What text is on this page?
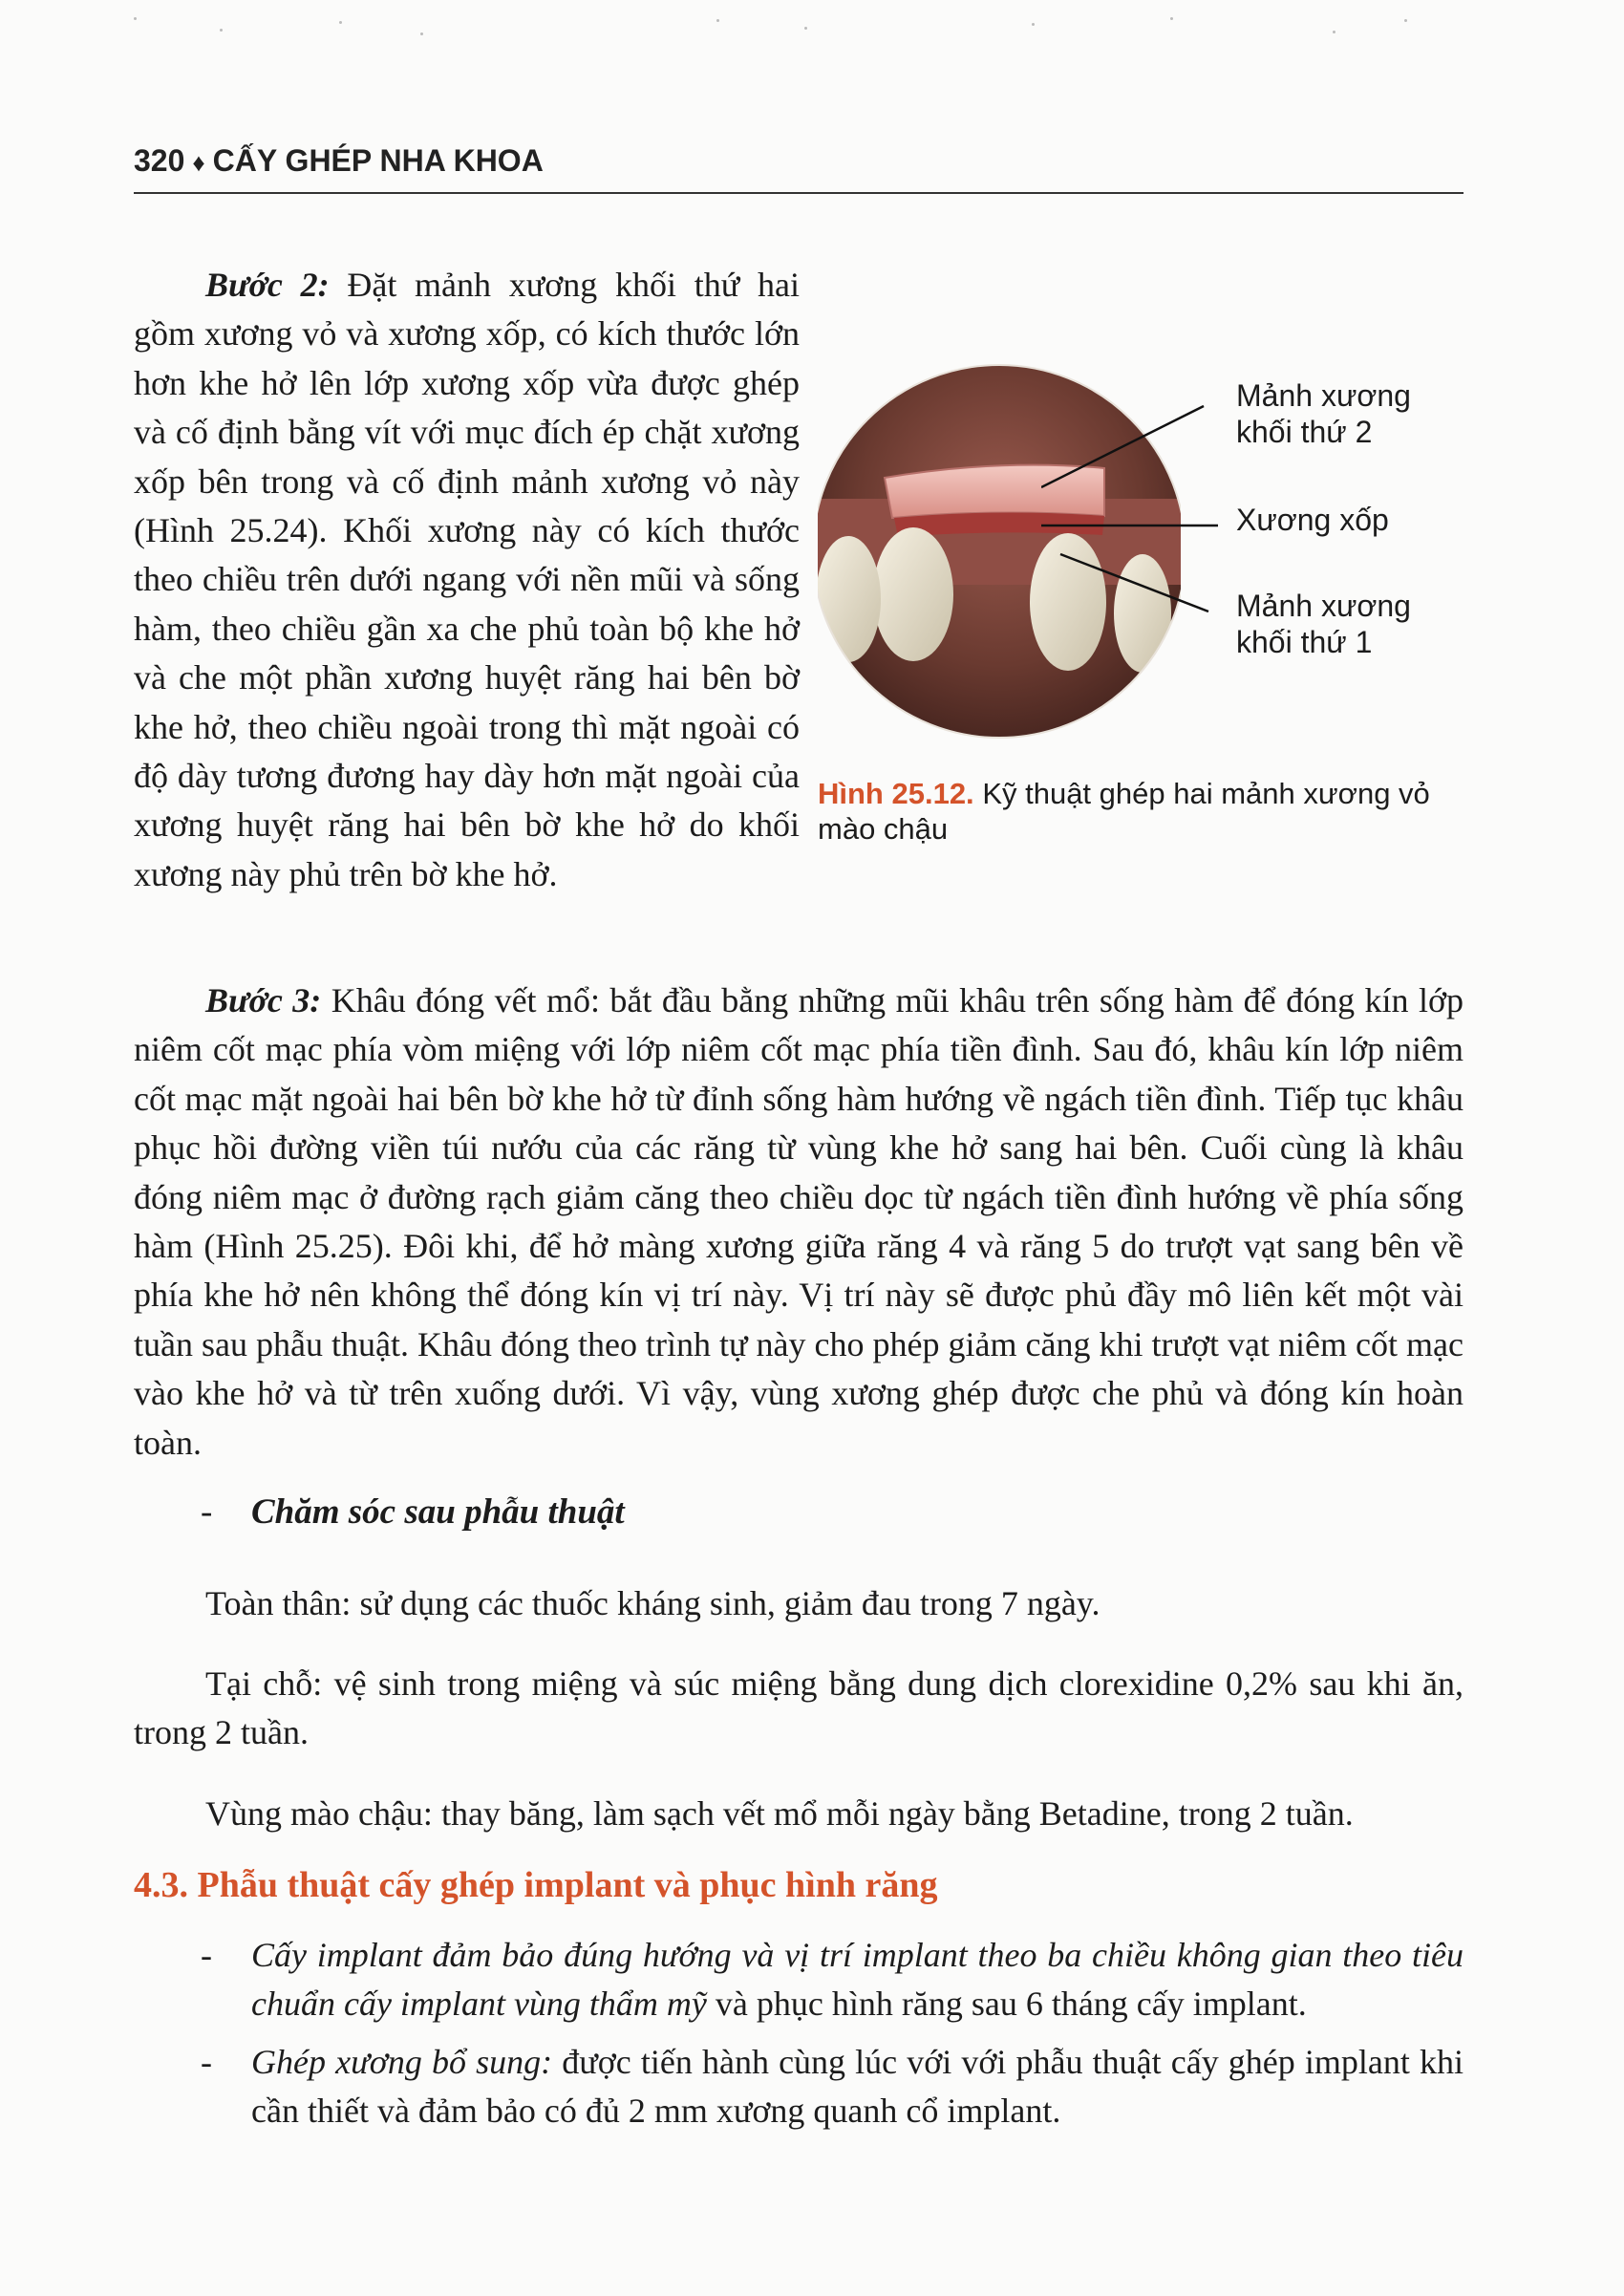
320 ♦ CẤY GHÉP NHA KHOA
Bước 2: Đặt mảnh xương khối thứ hai gồm xương vỏ và xương xốp, có kích thước lớn hơn khe hở lên lớp xương xốp vừa được ghép và cố định bằng vít với mục đích ép chặt xương xốp bên trong và cố định mảnh xương vỏ này (Hình 25.24). Khối xương này có kích thước theo chiều trên dưới ngang với nền mũi và sống hàm, theo chiều gần xa che phủ toàn bộ khe hở và che một phần xương huyệt răng hai bên bờ khe hở, theo chiều ngoài trong thì mặt ngoài có độ dày tương đương hay dày hơn mặt ngoài của xương huyệt răng hai bên bờ khe hở do khối xương này phủ trên bờ khe hở.
Mảnh xương khối thứ 2
Xương xốp
Mảnh xương khối thứ 1
Hình 25.12. Kỹ thuật ghép hai mảnh xương vỏ mào chậu
Bước 3: Khâu đóng vết mổ: bắt đầu bằng những mũi khâu trên sống hàm để đóng kín lớp niêm cốt mạc phía vòm miệng với lớp niêm cốt mạc phía tiền đình. Sau đó, khâu kín lớp niêm cốt mạc mặt ngoài hai bên bờ khe hở từ đỉnh sống hàm hướng về ngách tiền đình. Tiếp tục khâu phục hồi đường viền túi nướu của các răng từ vùng khe hở sang hai bên. Cuối cùng là khâu đóng niêm mạc ở đường rạch giảm căng theo chiều dọc từ ngách tiền đình hướng về phía sống hàm (Hình 25.25). Đôi khi, để hở màng xương giữa răng 4 và răng 5 do trượt vạt sang bên về phía khe hở nên không thể đóng kín vị trí này. Vị trí này sẽ được phủ đầy mô liên kết một vài tuần sau phẫu thuật. Khâu đóng theo trình tự này cho phép giảm căng khi trượt vạt niêm cốt mạc vào khe hở và từ trên xuống dưới. Vì vậy, vùng xương ghép được che phủ và đóng kín hoàn toàn.
- Chăm sóc sau phẫu thuật
Toàn thân: sử dụng các thuốc kháng sinh, giảm đau trong 7 ngày.
Tại chỗ: vệ sinh trong miệng và súc miệng bằng dung dịch clorexidine 0,2% sau khi ăn, trong 2 tuần.
Vùng mào chậu: thay băng, làm sạch vết mổ mỗi ngày bằng Betadine, trong 2 tuần.
4.3. Phẫu thuật cấy ghép implant và phục hình răng
- Cấy implant đảm bảo đúng hướng và vị trí implant theo ba chiều không gian theo tiêu chuẩn cấy implant vùng thẩm mỹ và phục hình răng sau 6 tháng cấy implant.
- Ghép xương bổ sung: được tiến hành cùng lúc với với phẫu thuật cấy ghép implant khi cần thiết và đảm bảo có đủ 2 mm xương quanh cổ implant.
